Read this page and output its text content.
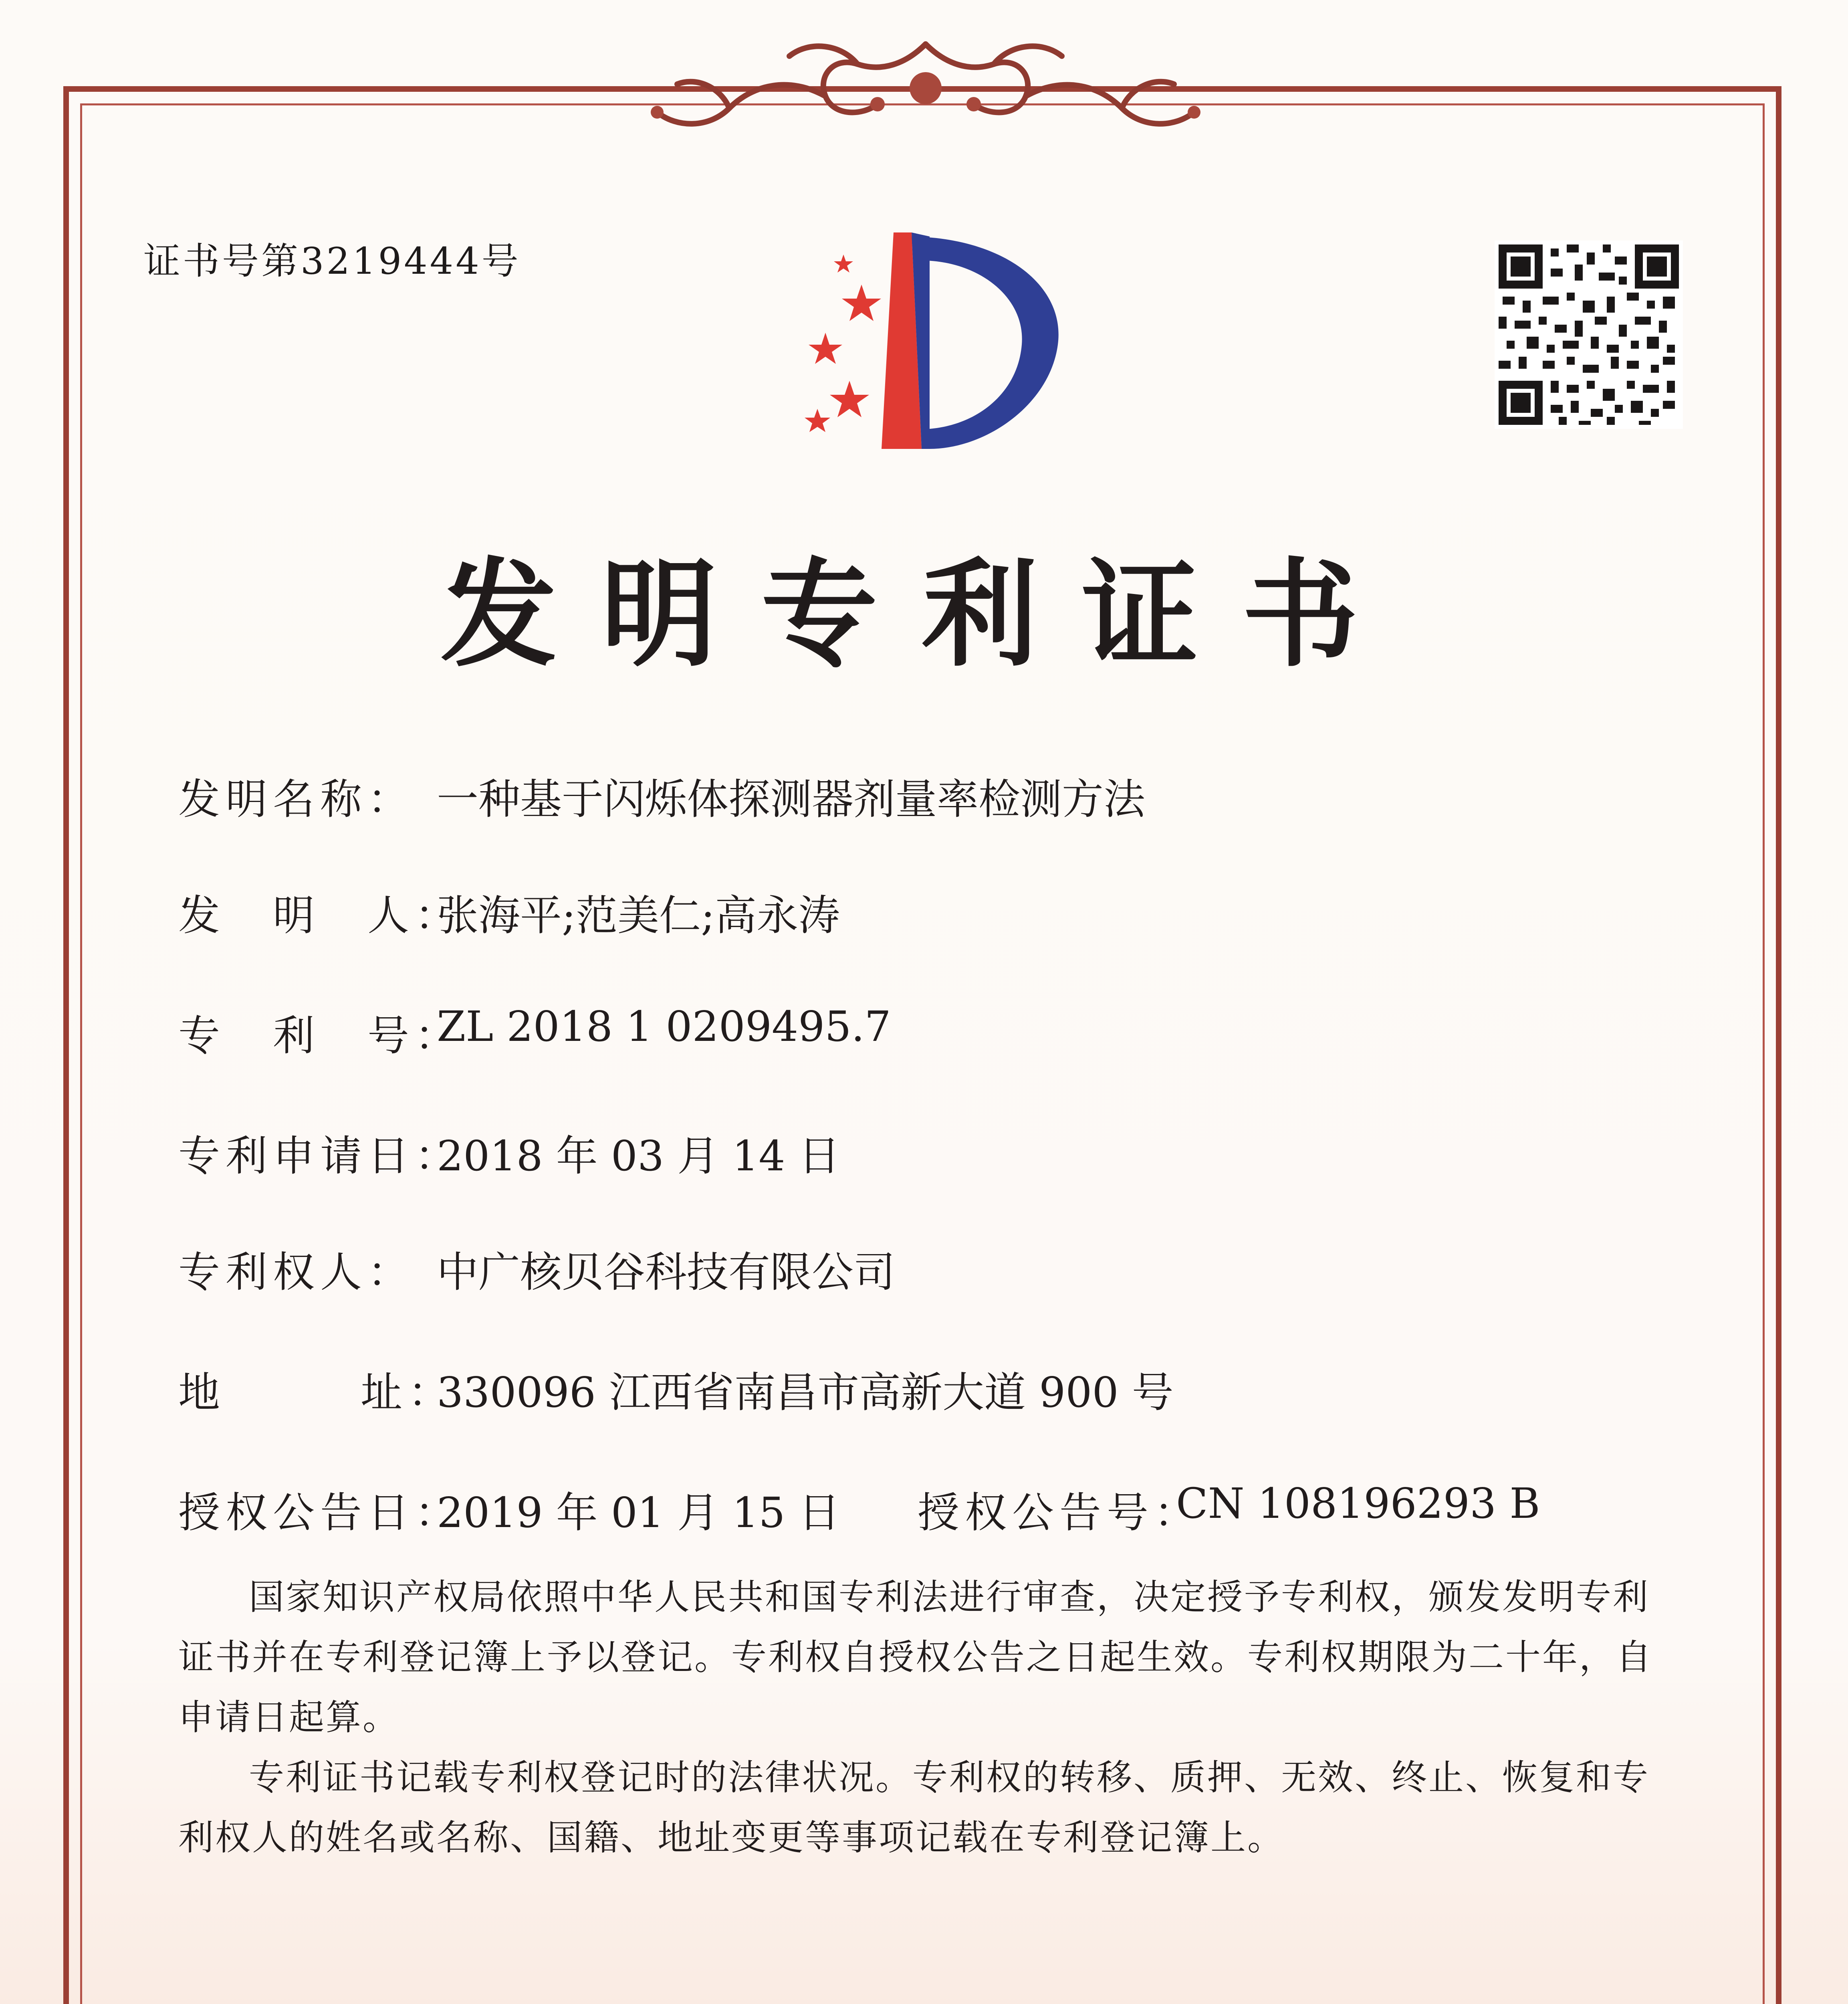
证书号第3219444号
发明专利证书
发明名称： 一种基于闪烁体探测器剂量率检测方法
发　明　人：
张海平;范美仁;高永涛
专　利　号：
ZL 2018 1 0209495.7
专利申请日：
2018 年 03 月 14 日
专利权人： 中广核贝谷科技有限公司
地	址：
330096 江西省南昌市高新大道 900 号
授权公告日：
2019 年 01 月 15 日 授权公告号：
CN 108196293 B
国家知识产权局依照中华人民共和国专利法进行审查，决定授予专利权，颁发发明专利证书并在专利登记簿上予以登记。专利权自授权公告之日起生效。专利权期限为二十年，自申请日起算。
专利证书记载专利权登记时的法律状况。专利权的转移、质押、无效、终止、恢复和专利权人的姓名或名称、国籍、地址变更等事项记载在专利登记簿上。
